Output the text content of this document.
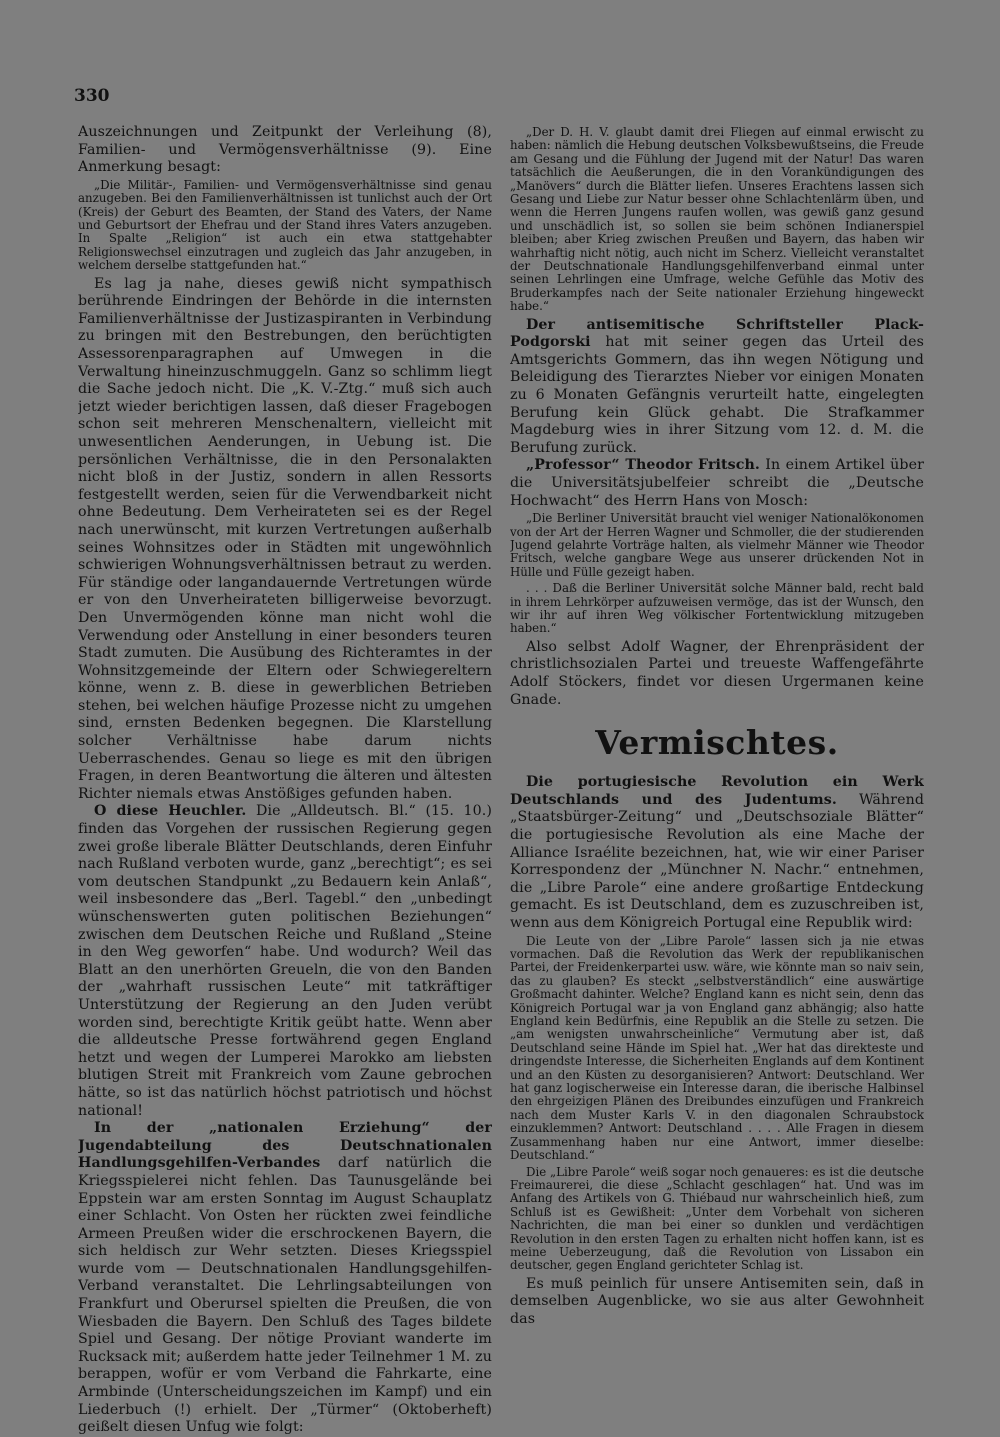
330

Auszeichnungen und Zeitpunkt der Verleihung (8), Familien- und Vermögensverhältnisse (9). Eine Anmerkung besagt:

„Die Militär-, Familien- und Vermögensverhältnisse sind genau anzugeben. Bei den Familienverhältnissen ist tunlichst auch der Ort (Kreis) der Geburt des Beamten, der Stand des Vaters, der Name und Geburtsort der Ehefrau und der Stand ihres Vaters anzugeben. In Spalte „Religion“ ist auch ein etwa stattgehabter Religionswechsel einzutragen und zugleich das Jahr anzugeben, in welchem derselbe stattgefunden hat.“

Es lag ja nahe, dieses gewiß nicht sympathisch berührende Eindringen der Behörde in die internsten Familienverhältnisse der Justizaspiranten in Verbindung zu bringen mit den Bestrebungen, den berüchtigten Assessorenparagraphen auf Umwegen in die Verwaltung hineinzuschmuggeln. Ganz so schlimm liegt die Sache jedoch nicht. Die „K. V.-Ztg.“ muß sich auch jetzt wieder berichtigen lassen, daß dieser Fragebogen schon seit mehreren Menschenaltern, vielleicht mit unwesentlichen Aenderungen, in Uebung ist. Die persönlichen Verhältnisse, die in den Personalakten nicht bloß in der Justiz, sondern in allen Ressorts festgestellt werden, seien für die Verwendbarkeit nicht ohne Bedeutung. Dem Verheirateten sei es der Regel nach unerwünscht, mit kurzen Vertretungen außerhalb seines Wohnsitzes oder in Städten mit ungewöhnlich schwierigen Wohnungsverhältnissen betraut zu werden. Für ständige oder langandauernde Vertretungen würde er von den Unverheirateten billigerweise bevorzugt. Den Unvermögenden könne man nicht wohl die Verwendung oder Anstellung in einer besonders teuren Stadt zumuten. Die Ausübung des Richteramtes in der Wohnsitzgemeinde der Eltern oder Schwiegereltern könne, wenn z. B. diese in gewerblichen Betrieben stehen, bei welchen häufige Prozesse nicht zu umgehen sind, ernsten Bedenken begegnen. Die Klarstellung solcher Verhältnisse habe darum nichts Ueberraschendes. Genau so liege es mit den übrigen Fragen, in deren Beantwortung die älteren und ältesten Richter niemals etwas Anstößiges gefunden haben.

O diese Heuchler. Die „Alldeutsch. Bl.“ (15. 10.) finden das Vorgehen der russischen Regierung gegen zwei große liberale Blätter Deutschlands, deren Einfuhr nach Rußland verboten wurde, ganz „berechtigt“; es sei vom deutschen Standpunkt „zu Bedauern kein Anlaß“, weil insbesondere das „Berl. Tagebl.“ den „unbedingt wünschenswerten guten politischen Beziehungen“ zwischen dem Deutschen Reiche und Rußland „Steine in den Weg geworfen“ habe. Und wodurch? Weil das Blatt an den unerhörten Greueln, die von den Banden der „wahrhaft russischen Leute“ mit tatkräftiger Unterstützung der Regierung an den Juden verübt worden sind, berechtigte Kritik geübt hatte. Wenn aber die alldeutsche Presse fortwährend gegen England hetzt und wegen der Lumperei Marokko am liebsten blutigen Streit mit Frankreich vom Zaune gebrochen hätte, so ist das natürlich höchst patriotisch und höchst national!

In der „nationalen Erziehung“ der Jugendabteilung des Deutschnationalen Handlungsgehilfen-Verbandes darf natürlich die Kriegsspielerei nicht fehlen. Das Taunusgelände bei Eppstein war am ersten Sonntag im August Schauplatz einer Schlacht. Von Osten her rückten zwei feindliche Armeen Preußen wider die erschrockenen Bayern, die sich heldisch zur Wehr setzten. Dieses Kriegsspiel wurde vom — Deutschnationalen Handlungsgehilfen-Verband veranstaltet. Die Lehrlingsabteilungen von Frankfurt und Oberursel spielten die Preußen, die von Wiesbaden die Bayern. Den Schluß des Tages bildete Spiel und Gesang. Der nötige Proviant wanderte im Rucksack mit; außerdem hatte jeder Teilnehmer 1 M. zu berappen, wofür er vom Verband die Fahrkarte, eine Armbinde (Unterscheidungszeichen im Kampf) und ein Liederbuch (!) erhielt. Der „Türmer“ (Oktoberheft) geißelt diesen Unfug wie folgt:

„Der D. H. V. glaubt damit drei Fliegen auf einmal erwischt zu haben: nämlich die Hebung deutschen Volksbewußtseins, die Freude am Gesang und die Fühlung der Jugend mit der Natur! Das waren tatsächlich die Aeußerungen, die in den Vorankündigungen des „Manövers“ durch die Blätter liefen. Unseres Erachtens lassen sich Gesang und Liebe zur Natur besser ohne Schlachtenlärm üben, und wenn die Herren Jungens raufen wollen, was gewiß ganz gesund und unschädlich ist, so sollen sie beim schönen Indianerspiel bleiben; aber Krieg zwischen Preußen und Bayern, das haben wir wahrhaftig nicht nötig, auch nicht im Scherz. Vielleicht veranstaltet der Deutschnationale Handlungsgehilfenverband einmal unter seinen Lehrlingen eine Umfrage, welche Gefühle das Motiv des Bruderkampfes nach der Seite nationaler Erziehung hingeweckt habe.“

Der antisemitische Schriftsteller Plack-Podgorski hat mit seiner gegen das Urteil des Amtsgerichts Gommern, das ihn wegen Nötigung und Beleidigung des Tierarztes Nieber vor einigen Monaten zu 6 Monaten Gefängnis verurteilt hatte, eingelegten Berufung kein Glück gehabt. Die Strafkammer Magdeburg wies in ihrer Sitzung vom 12. d. M. die Berufung zurück.

„Professor“ Theodor Fritsch. In einem Artikel über die Universitätsjubelfeier schreibt die „Deutsche Hochwacht“ des Herrn Hans von Mosch:

„Die Berliner Universität braucht viel weniger Nationalökonomen von der Art der Herren Wagner und Schmoller, die der studierenden Jugend gelahrte Vorträge halten, als vielmehr Männer wie Theodor Fritsch, welche gangbare Wege aus unserer drückenden Not in Hülle und Fülle gezeigt haben.

. . . Daß die Berliner Universität solche Männer bald, recht bald in ihrem Lehrkörper aufzuweisen vermöge, das ist der Wunsch, den wir ihr auf ihren Weg völkischer Fortentwicklung mitzugeben haben.“

Also selbst Adolf Wagner, der Ehrenpräsident der christlichsozialen Partei und treueste Waffengefährte Adolf Stöckers, findet vor diesen Urgermanen keine Gnade.

Vermischtes.

Die portugiesische Revolution ein Werk Deutschlands und des Judentums. Während „Staatsbürger-Zeitung“ und „Deutschsoziale Blätter“ die portugiesische Revolution als eine Mache der Alliance Israélite bezeichnen, hat, wie wir einer Pariser Korrespondenz der „Münchner N. Nachr.“ entnehmen, die „Libre Parole“ eine andere großartige Entdeckung gemacht. Es ist Deutschland, dem es zuzuschreiben ist, wenn aus dem Königreich Portugal eine Republik wird:

Die Leute von der „Libre Parole“ lassen sich ja nie etwas vormachen. Daß die Revolution das Werk der republikanischen Partei, der Freidenkerpartei usw. wäre, wie könnte man so naiv sein, das zu glauben? Es steckt „selbstverständlich“ eine auswärtige Großmacht dahinter. Welche? England kann es nicht sein, denn das Königreich Portugal war ja von England ganz abhängig; also hatte England kein Bedürfnis, eine Republik an die Stelle zu setzen. Die „am wenigsten unwahrscheinliche“ Vermutung aber ist, daß Deutschland seine Hände im Spiel hat. „Wer hat das direkteste und dringendste Interesse, die Sicherheiten Englands auf dem Kontinent und an den Küsten zu desorganisieren? Antwort: Deutschland. Wer hat ganz logischerweise ein Interesse daran, die iberische Halbinsel den ehrgeizigen Plänen des Dreibundes einzufügen und Frankreich nach dem Muster Karls V. in den diagonalen Schraubstock einzuklemmen? Antwort: Deutschland . . . . Alle Fragen in diesem Zusammenhang haben nur eine Antwort, immer dieselbe: Deutschland.“

Die „Libre Parole“ weiß sogar noch genaueres: es ist die deutsche Freimaurerei, die diese „Schlacht geschlagen“ hat. Und was im Anfang des Artikels von G. Thiébaud nur wahrscheinlich hieß, zum Schluß ist es Gewißheit: „Unter dem Vorbehalt von sicheren Nachrichten, die man bei einer so dunklen und verdächtigen Revolution in den ersten Tagen zu erhalten nicht hoffen kann, ist es meine Ueberzeugung, daß die Revolution von Lissabon ein deutscher, gegen England gerichteter Schlag ist.

Es muß peinlich für unsere Antisemiten sein, daß in demselben Augenblicke, wo sie aus alter Gewohnheit das
